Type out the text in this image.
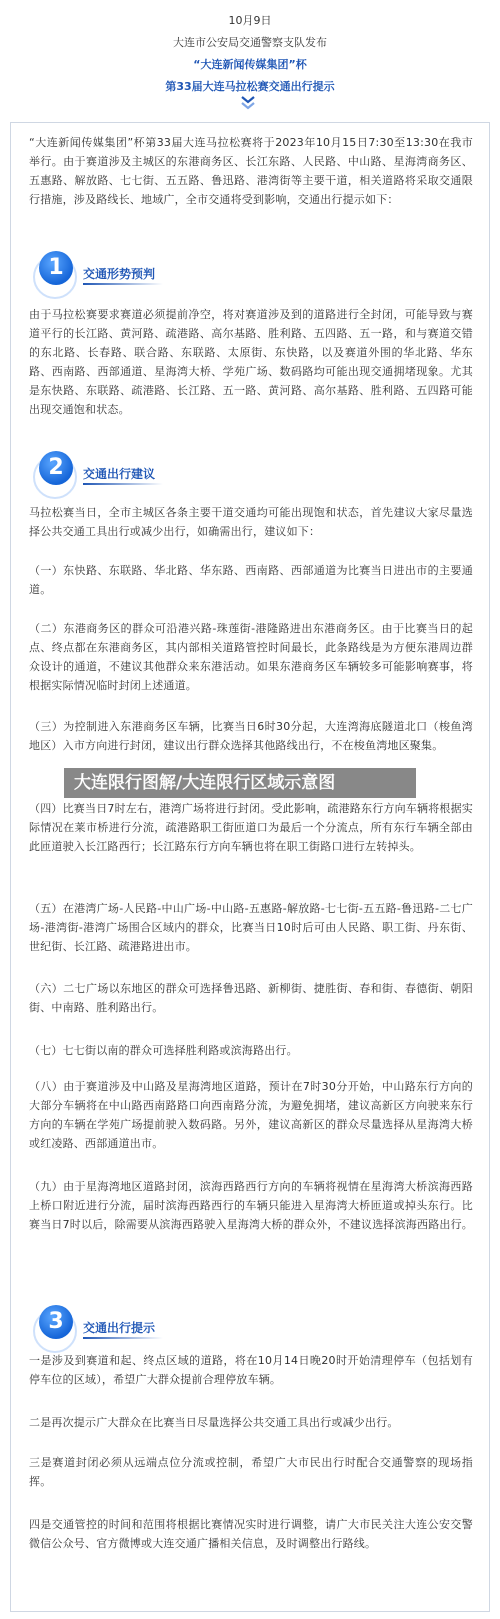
10月9日
大连市公安局交通警察支队发布
“大连新闻传媒集团”杯
第33届大连马拉松赛交通出行提示
“大连新闻传媒集团”杯第33届大连马拉松赛将于2023年10月15日7:30至13:30在我市举行。由于赛道涉及主城区的东港商务区、长江东路、人民路、中山路、星海湾商务区、五惠路、解放路、七七街、五五路、鲁迅路、港湾街等主要干道，相关道路将采取交通限行措施，涉及路线长、地域广，全市交通将受到影响，交通出行提示如下：
1	交通形势预判
由于马拉松赛要求赛道必须提前净空，将对赛道涉及到的道路进行全封闭，可能导致与赛道平行的长江路、黄河路、疏港路、高尔基路、胜利路、五四路、五一路，和与赛道交错的东北路、长春路、联合路、东联路、太原街、东快路，以及赛道外围的华北路、华东路、西南路、西部通道、星海湾大桥、学苑广场、数码路均可能出现交通拥堵现象。尤其是东快路、东联路、疏港路、长江路、五一路、黄河路、高尔基路、胜利路、五四路可能出现交通饱和状态。
2	交通出行建议
马拉松赛当日，全市主城区各条主要干道交通均可能出现饱和状态，首先建议大家尽量选择公共交通工具出行或减少出行，如确需出行，建议如下：
（一）东快路、东联路、华北路、华东路、西南路、西部通道为比赛当日进出市的主要通道。
（二）东港商务区的群众可沿港兴路-珠莲街-港隆路进出东港商务区。由于比赛当日的起点、终点都在东港商务区，其内部相关道路管控时间最长，此条路线是为方便东港周边群众设计的通道，不建议其他群众来东港活动。如果东港商务区车辆较多可能影响赛事，将根据实际情况临时封闭上述通道。
（三）为控制进入东港商务区车辆，比赛当日6时30分起，大连湾海底隧道北口（梭鱼湾地区）入市方向进行封闭，建议出行群众选择其他路线出行，不在梭鱼湾地区聚集。
（四）比赛当日7时左右，港湾广场将进行封闭。受此影响，疏港路东行方向车辆将根据实际情况在莱市桥进行分流，疏港路职工街匝道口为最后一个分流点，所有东行车辆全部由此匝道驶入长江路西行；长江路东行方向车辆也将在职工街路口进行左转掉头。
（五）在港湾广场-人民路-中山广场-中山路-五惠路-解放路-七七街-五五路-鲁迅路-二七广场-港湾街-港湾广场围合区域内的群众，比赛当日10时后可由人民路、职工街、丹东街、世纪街、长江路、疏港路进出市。
（六）二七广场以东地区的群众可选择鲁迅路、新柳街、捷胜街、春和街、春德街、朝阳街、中南路、胜利路出行。
（七）七七街以南的群众可选择胜利路或滨海路出行。
（八）由于赛道涉及中山路及星海湾地区道路，预计在7时30分开始，中山路东行方向的大部分车辆将在中山路西南路路口向西南路分流，为避免拥堵，建议高新区方向驶来东行方向的车辆在学苑广场提前驶入数码路。另外，建议高新区的群众尽量选择从星海湾大桥或红凌路、西部通道出市。
（九）由于星海湾地区道路封闭，滨海西路西行方向的车辆将视情在星海湾大桥滨海西路上桥口附近进行分流，届时滨海西路西行的车辆只能进入星海湾大桥匝道或掉头东行。比赛当日7时以后，除需要从滨海西路驶入星海湾大桥的群众外，不建议选择滨海西路出行。
3	交通出行提示
一是涉及到赛道和起、终点区域的道路，将在10月14日晚20时开始清理停车（包括划有停车位的区域），希望广大群众提前合理停放车辆。
二是再次提示广大群众在比赛当日尽量选择公共交通工具出行或减少出行。
三是赛道封闭必须从远端点位分流或控制，希望广大市民出行时配合交通警察的现场指挥。
四是交通管控的时间和范围将根据比赛情况实时进行调整，请广大市民关注大连公安交警微信公众号、官方微博或大连交通广播相关信息，及时调整出行路线。
大连限行图解/大连限行区域示意图
